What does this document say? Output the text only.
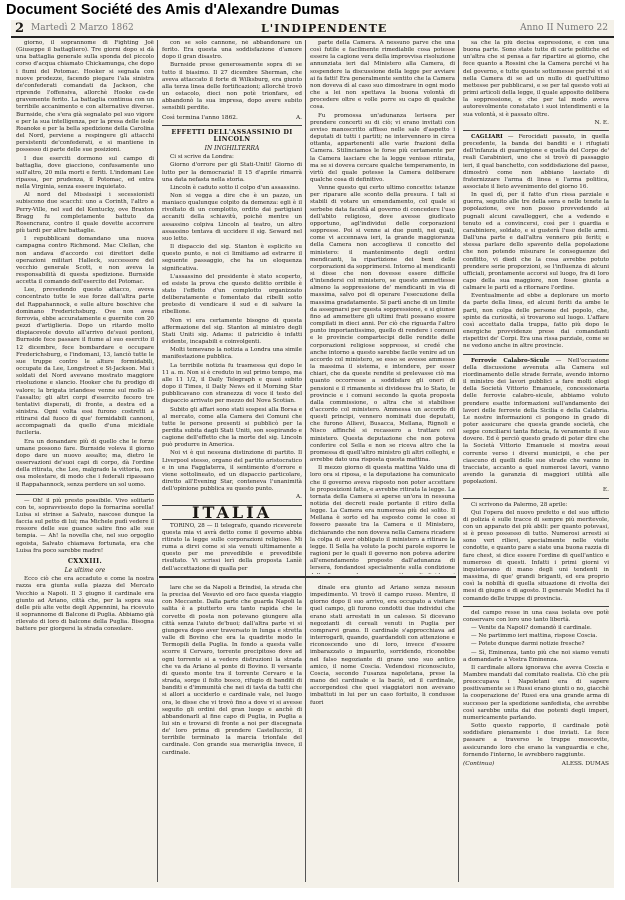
Document Société des Amis d'Alexandre Dumas
2 Martedì 2 Marzo 1862	L'INDIPENDENTE	Anno II Numero 22

giorno, il soprannome di Fighting Joë (Giuseppe il battagliero). Tre giorni dopo si dà una battaglia generale sulla sponda del piccolo corso d'acqua chiamato Chickamunga, che dopo i fiumi del Potomac. Hooker si segnala con nuove prodezze, facendo piegare l'ala sinistra de'confederati comandati da Jackson, che riprende l'offensiva, allorchè Hooke ca-de gravemente ferito. La battaglia continua con un terribile accanimento e con alternative diverse. Burnside, che s'era già segnalato pel suo vigore e per la sua intelligenza, per la presa delle isole Roanoke e per la bella spedizione della Carolina del Nord, perviene a respingere gli attacchi persistenti de'confederati, e si mantiene in possesso di parte delle sue posizioni.

I due eserciti dormono sul campo di battaglia, dove giacciono, confusamente uno sull'altro, 20 mila morti e feriti. L'indomani Lee ripassa, per prudenza, il Potomac, ed entra nella Virginia, senza essere inquietato.

Al nord del Mississipì i secessionisti subiscono due scacchi: uno a Corinth, l'altro a Perry-Ville, nel sud del Kentucky, ove Braxton Bragg fu completamente battuto da Rosencranz, contro il quale dovette accorrere più tardi per altre battaglie.

I repubblicani domandano una nuova campagna contro Richmond. Mac Clellan, che non andava d'accordo coi direttori delle operazioni militari Halleck, successore del vecchio generale Scott, e non aveva la responsabilità di questa spedizione. Burnside accetta il comando dell'esercito del Potomac.

Lee, prevedendo questo attacco, aveva concentrato tutte le sue forze dall'altra parte del Rappahannock, e sulle alture boschive che dominano Frederichsburg. Ove non avea ferrovia, ebbe accuratamente e guernite con 20 pezzi d'artiglieria. Dopo un ritardo molto dispiacevole dovuto all'arrivo de'suoi pontoni, Burnside fece passare il fiume al suo esercito il 12 dicembre, fece bombardare e occupare Frederichsburg, e l'indomani, 13, lanciò tutte le sue truppe contro le alture formidabili, occupate da Lee, Longstreet e St-Jackson. Mai i soldati del Nord avevano mostrato maggiore risoluzione e slancio. Hooker che fu prodigo di valore; la brigata irlandese venne sul mollo al-l'assalto; gli altri corpi d'esercito fecero tre tentativi disperati, di fronte, a destra ed a sinistra. Ogni volta essi furono costretti a ritirarsi dal fuoco di que' formidabili cannoni, accompagnati da quello d'una micidiale fucileria.

Era un donandare più di quello che le forze umane possono fare. Burnside voleva il giorno dopo dare un nuovo assalto; ma, dietro le osservazioni de'suoi capi di corpo, dà l'ordine della ritirata, che Lee, malgrado la vittoria, non osa molestare, di modo che i federali ripassano il Rappahannock, senza perdere un sol uomo.

— Oh! il più presto possibile. Vivo solitario con te, sopravvissuto dopo la fornarina sorella! Luisa si strinse a Salvato, nascose dunque la faccia sul petto di lui; ma Michele pudì vedere il rossore delle sue guance salire fino alle sue tempia. — Ah! la novella che, nel suo orgoglio egoista, Salvato chiamava fortunata, era che Luisa fra poco sarebbe madre!

CXXXIII.
Le ultime ore

Ecco ciò che era accaduto e come la nostra razza era giunta sulla piazza del Mercato Vecchio a Napoli. Il 3 giugno il cardinale era giunto ad Ariano, città che, per la sopra sua delle più alte vette degli Appennini, ha ricevuto il soprannome di Balcone di Puglia. Abbiamo già rilevato di loro di balcone della Puglia. Bisogna battere per giorgersi la strada consolare.

con se solo cannone, né abbandonare un ferito. Era questa una soddisfazione d'amore dopo il gran disastro.

Burnside prese generosamente sopra di se tutto il biasimo. Il 27 dicembre Sherman, che aveva attaccato il forte di Wilksburg, era giunto alla terza linea delle fortificazioni; allorchè trovò un ostacolo, dieci non potè trionfare, ed abbandonò la sua impresa, dopo avere subito sensibili perdite.

Così termina l'anno 1862.	A.
EFFETTI DELL'ASSASSINIO DI LINCOLN
IN INGHILTERRA

Ci si scrive da Londra:

Giorno d'orrore per gli Stati-Uniti! Giorno di lutto per la democrazia! Il 15 d'aprile rimarrà una data nefasta nella storia.

Lincoln è caduto sotto il colpo d'un assassino.

Non si vegga a dire che è un pazzo, un maniaco qualunque colpito da demenza: egli è il rivoltato di un complotto, ordito dai partigiani accaniti della schiavitù, poichè mentre un assassino colpiva Lincoln al teatro, un altro assassino tentava di uccidere il sig. Seward nel suo letto.

Il dispaccio del sig. Stanton è esplicito su questo punto, e noi ci limitiamo ad estrarre il seguente passaggio, che ha un eloquenza significativa.

L'assassino del presidente è stato scoperto, ed esiste la prova che questo delitto orribile è stato l'effetto d'un complotto organizzato deliberatamente e fomentato dai ribelli sotto pretesto di vendicare il sud e di salvare la ribellione.

Non vi era certamente bisogno di questa affermazione del sig. Stanton al ministro degli Stati Uniti sig. Adams: il patricidio è infatti evidente, incapabili e coinvolgenti.

Molti temevano la notizia a Londra una simile manifestazione pubblica.

La terribile notizia fu trasmessa qui dopo le 11 a. m. Non si è creduto in sul primo tempo, ma alle 11 1/2, il Daily Telegraph e quasi subito dopo il Times, il Daily News ed il Morning Star pubblicavano con stranezza di voce il testo del dispaccio arrivato per mezzo del Nova Scotian.

Subito gli affari sono stati sospesi alla Borsa e al mercato, come alla Camera dei Comuni che tutte le persone presenti si pubblicò per la perdita subita dagli Stati Uniti, son sospirando e cagione dell'effetto che la morte del sig. Lincoln può produrre in America.

Noi vi è qui nessuna distinzione di partito. Il Liverpool stesso, organo del partito aristocratico e in una Fagglaterra, il sentimento d'orrore e viene sottolineato, ed un dispaccio particolare, diretto all'Evening Star, conteneva l'unanimità dell'opinione pubblica su questo punto.

A.
ITALIA

TORINO, 28 — Il telegrafo, quando riceverete questa mia vi avrà detto come il governo abbia ritirato la legge sulle corporazioni religiose. Mi ruma a dirvi come si sia venuti ultimamente a questo per me prevedibile e prevedibile risultato. Vi scrissi lerì della proposta Lanìè dell'accettazione di qualla per

parte della Camera. A nessuno parve che una così futile e facilmente rimediabile cosa potesse essere la cagione vera della improvvisa risoluzione annunziata ieri dal Ministero alla Camera, di sospendere la discussione della legge per avviare ai fa fatti! Era generalmente sentito che la Camera non doveva dì al caso suo dimostrare in ogni modo che a lei non spettava la buona volontà di procedere oltre e volle porre su capo di qualche cosa.

Fu promossa un'adunanza lerisera per prendere concerti su di ciò; vi erano invitati con avviso manoscritto affisso nelle sale d'aspetto i deputati di tutti i partiti; ne intervennero in circa ottanta, appartenenti alle varie frazioni della Camera. Stilinciamos le forse più certamente per la Camera lasciare che la legge venisse ritirata, ma se si doveva cercare qualche temperamento, in virtù del quale potesse la Camera deliberare qualche cosa di definitivo.

Venne questo qui certo ultimo concetto: istanze per riparare alle sconto della presura. I tali si stabili di votare un emendamento, col quale si serbebe data facoltà al governo di concedere l'uso dell'abito religioso, dove avesse giudicato opportuno, agl'individui delle corporazioni soppresse. Poi si venne ai due punti, nei quali, come vi accennava ieri, la grande maggioranza della Camera non accoglieva il concetto del ministero: il mantenimento degli ordini mendicanti, la ripartizione dei beni delle corporazioni da sopprimersi. Intorno al mendicanti si disse che non dovesse essere difficile d'intendersi col ministero, se questo ammettesse almeno la soppressione de' mendicanti in via di massima, salvo poi di operare l'esecuzione della massima gradatamente. Si partì anche di un limite da assegnarsi per questa soppressione, e si giunse fino ad ammettere gli ultimi frati possano essere compilati in dieci anni. Per ciò che riguarda l'altro punto importantissimo, quello di rendere i comuni e le provincie compartecipi delle rendite delle corporazioni religiose soppresse, si credé che anche intorno a questo sarebbe facile venire ad un accordo col ministero, se esso se avesse ammesso la massima il sistema, e intendere, per esser chiari, che da queste rendite si prelevasse ciò ma quanto occorresse a soddisfare gli oneri di pensioni e il rimanente si dividesse fra lo Stato, le provincie e i comuni secondo la quota proposta dalla commissione, o altra che si stabilisse d'accordo col ministero. Ammessa un accordo di questi principi, vennero nominati due deputati, che furono Allievi, Busacca, Mellana, Rignoli e Nisco affinché si recassero a trattare col ministero. Questa deputazione che non poteva conferire col Sella e non se riceva altro che la promessa di quell'altro ministro gli altri colleghi, e avrebbe dato una risposta questa mattina.

Il mezzo giorno di questa mattina Valdo una di loro ora si riposa, e la deputazione ha comunicato che il governo aveva risposto non poter accettare le proposizioni fatte, e avrebbe ritirata la legge. La tornata della Camera si aperse un'ora in nessuna notizia dei decreti reale portante il ritiro della legge. La Camera era numerosa più del solito. Il Mellana è sorto ed ha esposto come le cose si fossero passate tra la Camera e il Ministero, dichiarando che non doveva nella Camera ricadere la colpa di aver obbligato il ministero a ritirare la legge. Il Sella ha voluto la pochi parole esporre le ragioni per le quali il governo non poteva aderire all'emendamento proposto dall'adunanza di lersera, fondandosi specialmente sulla condizione

sa che la più decisa espressione, e con una buona parte. Sono state tutte di carte politiche ed un'altra che si pensa a far ripartire ai giorno, che fece quanto a Rossini che la Camera perché vi ha del governo, e tutte queste sottomesse perché vi si nella Camera di se ad un nullo di quell'ultimo mettesse per pubblicarsi, e se per tal questo voti ai primi articoli della legge, il quale apposito delibera la soppressione, e che per tal modo aveva autorevolmente constatato i suoi intendimenti e la sua volontà, si è passato oltre.

N. E.

CAGLIARI — Ferocidati passato, in quella precedente, la banda dei banditi e i rifugiati dell'infanzia di guarnigione e quella del Corpo de' reali Carabinieri, uno che si trovò di passaggio ieri, il qual banchetto, con soddisfazione del paese, dimostrò come non abbiano lasciato di fraternizzare l'arma di linea e l'arma politica, associate il lieto avvenimento del giorno 16.

In quel dì, per il fatto d'un rissa parziale e guerra, seguito alle tre della sera e nelle tenete la popolazione, ove non posso provvedendo ai pugnali alcuni cavalleggeri, che a vedendo e tenuto ed a convincersi, così per i guardia e carabiniere, soldato, e si gusterà l'uso delle armi. Dall'una parte e dall'altra vennero più feriti; e stessa parlare dello spavento della popolazione che non potendo misurare le conseguenze del conflitto, vi diedi che la cosa avrebbe potuto prendere serie proporzioni, se l'influenza di alcuni ufficiali, prontamente accorsi sul luogo, fra di loro capo della sua maggiore, non fosse giunta a calmare le parti ed a ritornare l'ordine.

Eventualmente ad ebbe a deplorare un morto da parte della linea, ed alcuni feriti da ambe le parti, non colpa delle persone del popolo, che, spinte da curiosità, sì trovarono sul luogo. L'affare così accettato dalla truppa, fatto più dopo le energiche provvidenze prese dai comandanti rispettivi de' Corpi. Era una rissa parziale, come se ne vedono anche in altre provincie.

Ferrovie Calabro-Sicule — Nell'occasione della discussione avvenuta alla Camera sul riordinamento delle strade ferrate, avendo intorno il ministro dei lavori pubblici a fare molti elogi della Società Vittorio Emanuele, concessionaria delle ferrovie calabro-sicule, abbiamo voluto prendere esatte informazioni sull'andamento dei lavori delle ferrovie della Sicilia e della Calabria. Le nostre informazioni ci pongono in grado di poter assicurare che questa grande società, che seppe conciliarsi tanta fiducia, fa veramente il suo dovere. Ed è perciò questo grado di poter dire che la Società Vittorio Emanuele si mostra assai corrente verso i diversi municipii, e che per ciascuno di quelli delle sue strade che vanno in tracciate, accanto a quel numerosi lavori, vanno avendo la garanzia di maggiori utilità alle popolazioni.

E.

Ci scrivono da Palermo, 28 aprile:

Qui l'opera del nuovo prefetto e del suo ufficio di polizia è sulle tracce di sempre più meritevole, con un apparato dei più abili: per quanto potevasi, si è preso possesso di tutto. Numerosi arresti si sono veri rilievi, specialmente nelle visite condotte, e quanto pare a siate una buona razzia di fare chest, si dice essere l'ordine di quell'antico e numeroso di questi. Infatti i primi giorni vi inquietavano di mano degli uni tendenti in massima, di que' grandi briganti, ed era proprio così la nobiltà di quella situazione di rivolta dei mesi di giugno e di agosto. Il generale Medici ha il comando delle truppe di provincia.

del campo resse in una casa isolata ove potè conservare con loro uno tanto libertà.

— Venite da Napoli? domandò il cardinale.

— Ne partimmo ieri mattina, rispose Coscia.

— Potete dunque darmi notizie fresche?

— Sì, Eminenza, tanto più che noi siamo venuti a domandarle a Vostra Eminenza.

Il cardinale allora ignorava che aveva Coscia e Mambre mandati dal comitato realista. Ciò che più preoccupava i Napoletani era di sapere positivamente se i Russi erano giunti o no, giacchè la cooperazione de' Russi era una grande arma di successo per la spedizione sanfedista, che avrebbe così sarebbe unita dai due potenti degli imperi, numericamente parlando.

Sotto questo rapporto, il cardinale potè soddisfare pienamente i due inviati. Le fece passare a traverso le truppe moscovite, assicurando loro che erano la vanguardia e che, fornendo l'interno, le avrebbero raggiunte.

(Continua)	ALESS. DUMAS

lare che se da Napoli a Brindisi, la strada che la precisa del Vesuvio ed oro face questa viaggio con Meccante. Dalla parte che guarda Napoli la salita è a piutterto era tanto rapida che le corvette di posta non potevano giungere alla città senza l'aiuto de'buoi; dall'altra parte vi si giungeva dopo aver traversato in lunga e stretta valle di Bovino che era la quadrite modo le Termopili della Puglia. In fondo a questa valle scorre il Cervaro, torrente precipitoso dove ad ogni torrente si a vedere distruzioni la strada che va da Ariano al ponte di Bovino. Il versante di questo monte tra il torrente Cervaro e la strada, sorge il folto bosco, rifugio di banditi di banditi e d'immunità che nei di tavla da tutti che si allori a ucciderlo e cardinale vale, nel luogo ora, le disse che vi trovò fino a dove vi si avesse seguito gli ordini del gran luogo e anchè di abbandonarli al fine capo di Puglia, in Puglia a lui sin e trovarsi di fronte a noi per discegnata de' loro prima di prendere Castelluccio, il terribile terminato la marcia trionfale del cardinale. Con grande sua meraviglia invece, il cardinale.

dinale era giunto ad Ariano senza nessun impedimento. Vi trovò il campo russo. Mentre, il giorno dopo il suo arrivo, era occupato a visitare quel campo, gli furono condotti due individui che erano stati arrestati in un calesso. Si dicevano negozianti di cereali venuti in Puglia per comprarvi grano. Il cardinale s'approcchiava ad interrogarli, quando, guardandoli con attenzione e riconoscendo uno di loro, invece d'essere imbarazzato o impaurito, sorridendo, riconobbe nel falso negoziante di grano uno suo antico amico, il nome Coscia. Vedendosi riconosciuto, Coscia, secondo l'usanza napoletana, prese la mano del cardinale e la baciò, ed il cardinale, accorgendosi che quei viaggiatori non avevano imbattuti in lui per un caso fortuito, li condusse fuori
